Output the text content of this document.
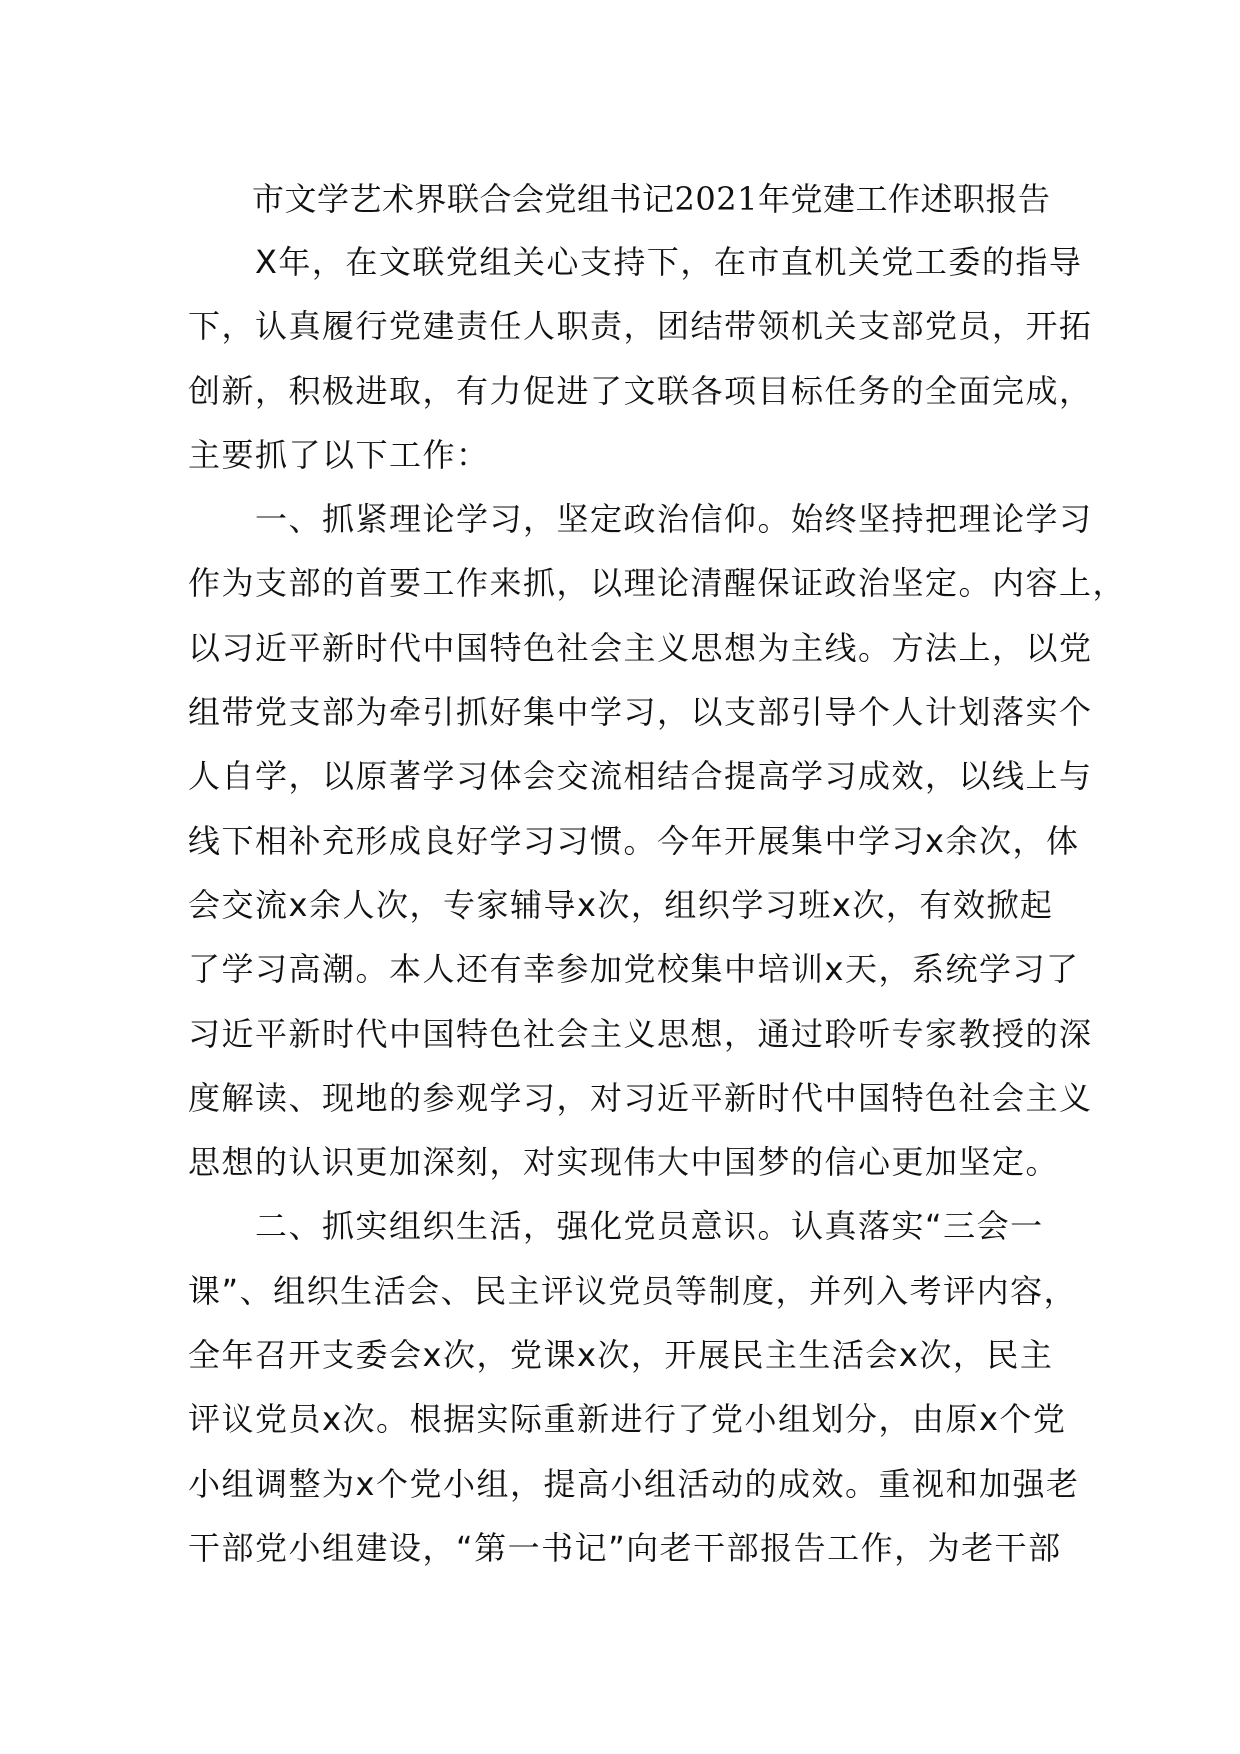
市文学艺术界联合会党组书记2021年党建工作述职报告
　　X年，在文联党组关心支持下，在市直机关党工委的指导
下，认真履行党建责任人职责，团结带领机关支部党员，开拓
创新，积极进取，有力促进了文联各项目标任务的全面完成，
主要抓了以下工作：
　　一、抓紧理论学习，坚定政治信仰。始终坚持把理论学习
作为支部的首要工作来抓，以理论清醒保证政治坚定。内容上，
以习近平新时代中国特色社会主义思想为主线。方法上，以党
组带党支部为牵引抓好集中学习，以支部引导个人计划落实个
人自学，以原著学习体会交流相结合提高学习成效，以线上与
线下相补充形成良好学习习惯。今年开展集中学习x余次，体
会交流x余人次，专家辅导x次，组织学习班x次，有效掀起
了学习高潮。本人还有幸参加党校集中培训x天，系统学习了
习近平新时代中国特色社会主义思想，通过聆听专家教授的深
度解读、现地的参观学习，对习近平新时代中国特色社会主义
思想的认识更加深刻，对实现伟大中国梦的信心更加坚定。
　　二、抓实组织生活，强化党员意识。认真落实“三会一
课”、组织生活会、民主评议党员等制度，并列入考评内容，
全年召开支委会x次，党课x次，开展民主生活会x次，民主
评议党员x次。根据实际重新进行了党小组划分，由原x个党
小组调整为x个党小组，提高小组活动的成效。重视和加强老
干部党小组建设，“第一书记”向老干部报告工作，为老干部
